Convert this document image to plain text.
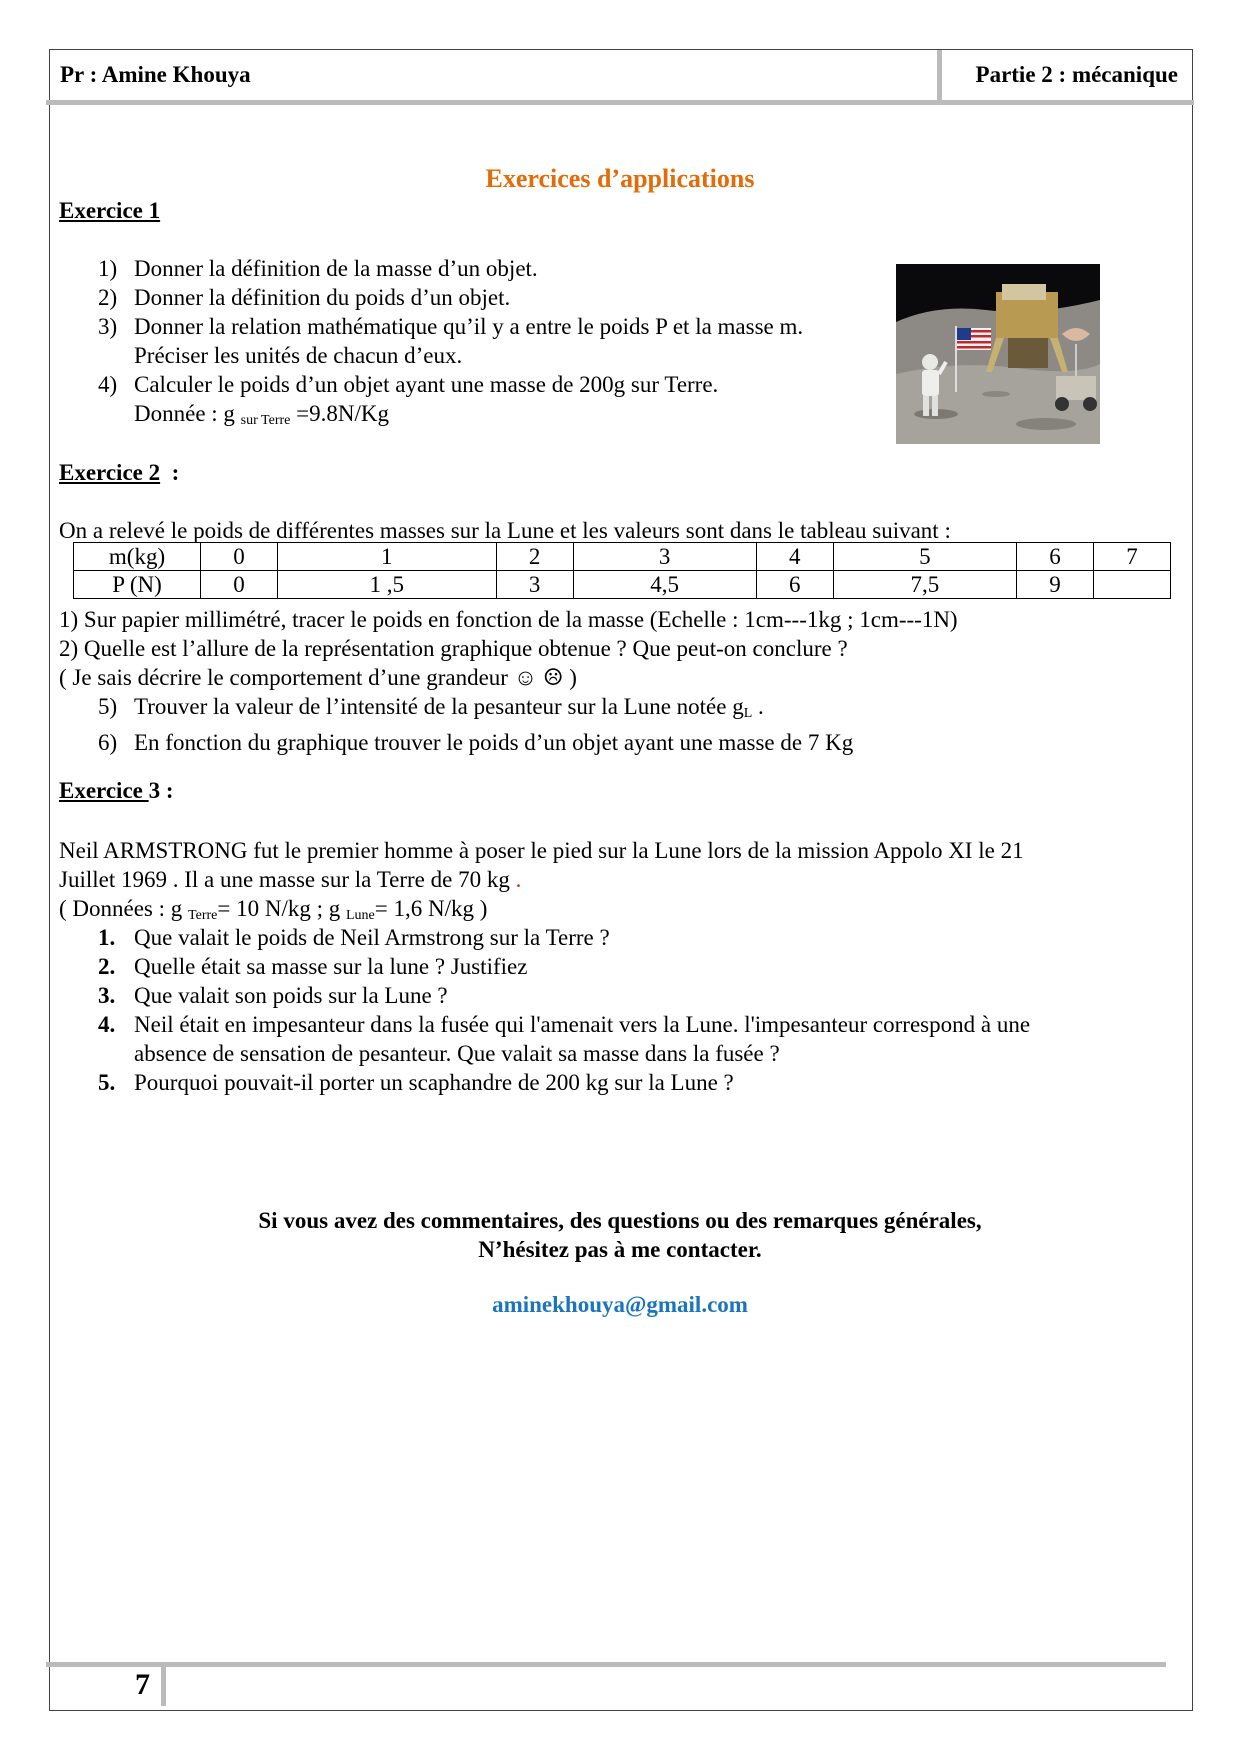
Pr : Amine Khouya	Partie 2 : mécanique
Exercices d’applications
Exercice 1
1) Donner la définition de la masse d’un objet.
2) Donner la définition du poids d’un objet.
3) Donner la relation mathématique qu’il y a entre le poids P et la masse m.
Préciser les unités de chacun d’eux.
4) Calculer le poids d’un objet ayant une masse de 200g sur Terre.
Donnée : g $_{sur Terre}$ =9.8N/Kg
Exercice 2  :
On a relevé le poids de différentes masses sur la Lune et les valeurs sont dans le tableau suivant :
m(kg)	0	1	2	3	4	5	6	7
P (N)	0	1 ,5	3	4,5	6	7,5	9	
1) Sur papier millimétré, tracer le poids en fonction de la masse (Echelle : 1cm---1kg ; 1cm---1N)
2) Quelle est l’allure de la représentation graphique obtenue ? Que peut-on conclure ?
( Je sais décrire le comportement d’une grandeur ☺ ☹ )
5) Trouver la valeur de l’intensité de la pesanteur sur la Lune notée $g_L$ .
6) En fonction du graphique trouver le poids d’un objet ayant une masse de 7 Kg
Exercice 3 :
Neil ARMSTRONG fut le premier homme à poser le pied sur la Lune lors de la mission Appolo XI le 21
Juillet 1969 . Il a une masse sur la Terre de 70 kg .
( Données : g $_{Terre}$= 10 N/kg ; g $_{Lune}$= 1,6 N/kg )
1. Que valait le poids de Neil Armstrong sur la Terre ?
2. Quelle était sa masse sur la lune ? Justifiez
3. Que valait son poids sur la Lune ?
4. Neil était en impesanteur dans la fusée qui l'amenait vers la Lune. l'impesanteur correspond à une
absence de sensation de pesanteur. Que valait sa masse dans la fusée ?
5. Pourquoi pouvait-il porter un scaphandre de 200 kg sur la Lune ?
Si vous avez des commentaires, des questions ou des remarques générales,
N’hésitez pas à me contacter.
aminekhouya@gmail.com
7
